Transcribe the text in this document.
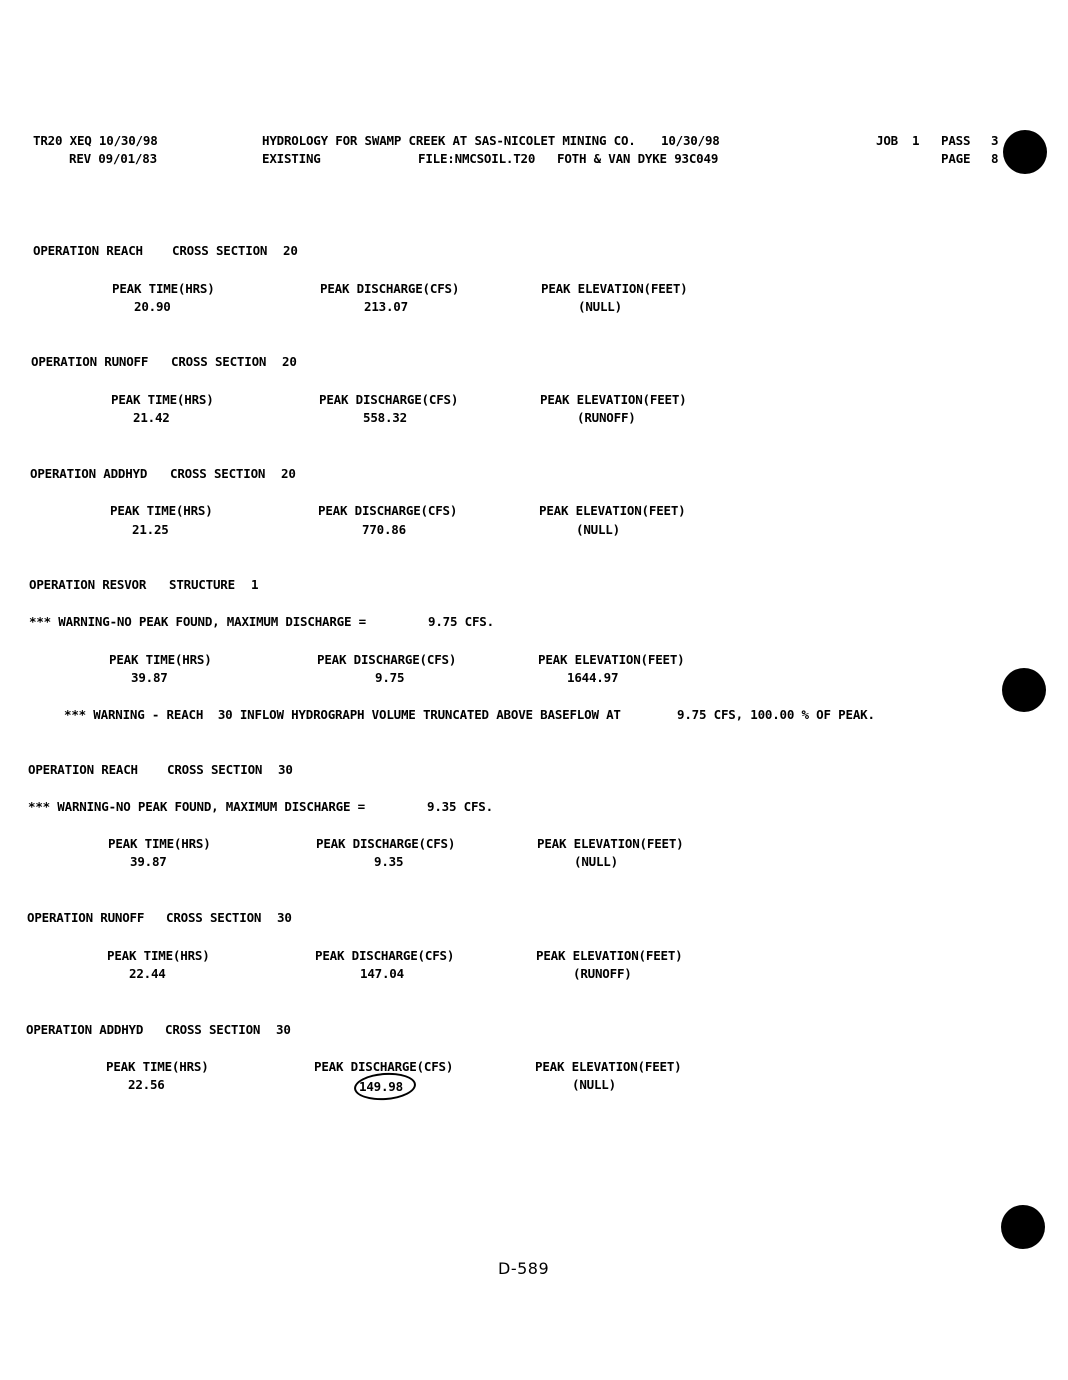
TR20 XEQ 10/30/98
REV 09/01/83
HYDROLOGY FOR SWAMP CREEK AT SAS-NICOLET MINING CO. 10/30/98
EXISTING	FILE:NMCSOIL.T20 FOTH & VAN DYKE 93C049
JOB 1 PASS 3
PAGE 8
OPERATION REACH CROSS SECTION 20
PEAK TIME(HRS)	PEAK DISCHARGE(CFS)	PEAK ELEVATION(FEET)
20.90	213.07	(NULL)
OPERATION RUNOFF CROSS SECTION 20
PEAK TIME(HRS)	PEAK DISCHARGE(CFS)	PEAK ELEVATION(FEET)
21.42	558.32	(RUNOFF)
OPERATION ADDHYD CROSS SECTION 20
PEAK TIME(HRS)	PEAK DISCHARGE(CFS)	PEAK ELEVATION(FEET)
21.25	770.86	(NULL)
OPERATION RESVOR STRUCTURE 1
*** WARNING-NO PEAK FOUND, MAXIMUM DISCHARGE =	9.75 CFS.
PEAK TIME(HRS)	PEAK DISCHARGE(CFS)	PEAK ELEVATION(FEET)
39.87	9.75	1644.97
*** WARNING - REACH  30 INFLOW HYDROGRAPH VOLUME TRUNCATED ABOVE BASEFLOW AT	9.75 CFS, 100.00 % OF PEAK.
OPERATION REACH CROSS SECTION 30
*** WARNING-NO PEAK FOUND, MAXIMUM DISCHARGE =	9.35 CFS.
PEAK TIME(HRS)	PEAK DISCHARGE(CFS)	PEAK ELEVATION(FEET)
39.87	9.35	(NULL)
OPERATION RUNOFF CROSS SECTION 30
PEAK TIME(HRS)	PEAK DISCHARGE(CFS)	PEAK ELEVATION(FEET)
22.44	147.04	(RUNOFF)
OPERATION ADDHYD CROSS SECTION 30
PEAK TIME(HRS)	PEAK DISCHARGE(CFS)	PEAK ELEVATION(FEET)
22.56	149.98	(NULL)
D-589
